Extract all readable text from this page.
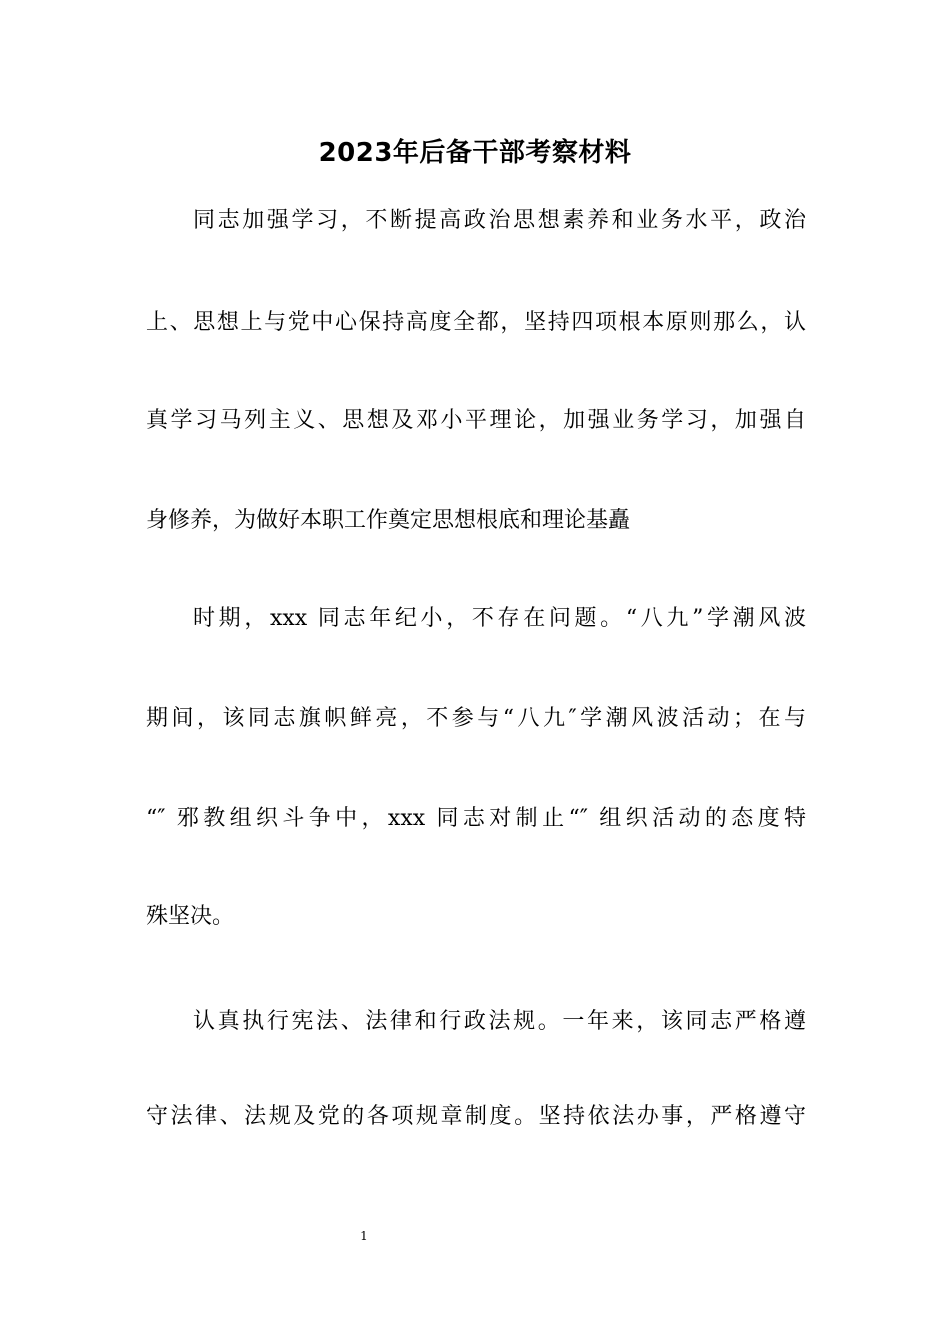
2023年后备干部考察材料
同志加强学习，不断提高政治思想素养和业务水平，政治
上、思想上与党中心保持高度全都，坚持四项根本原则那么，认
真学习马列主义、思想及邓小平理论，加强业务学习，加强自
身修养，为做好本职工作奠定思想根底和理论基矗
时期，xxx 同志年纪小，不存在问题。“八九”学潮风波
期间，该同志旗帜鲜亮，不参与“八九″学潮风波活动；在与
“″ 邪教组织斗争中，xxx 同志对制止“″ 组织活动的态度特
殊坚决。
认真执行宪法、法律和行政法规。一年来，该同志严格遵
守法律、法规及党的各项规章制度。坚持依法办事，严格遵守
1
